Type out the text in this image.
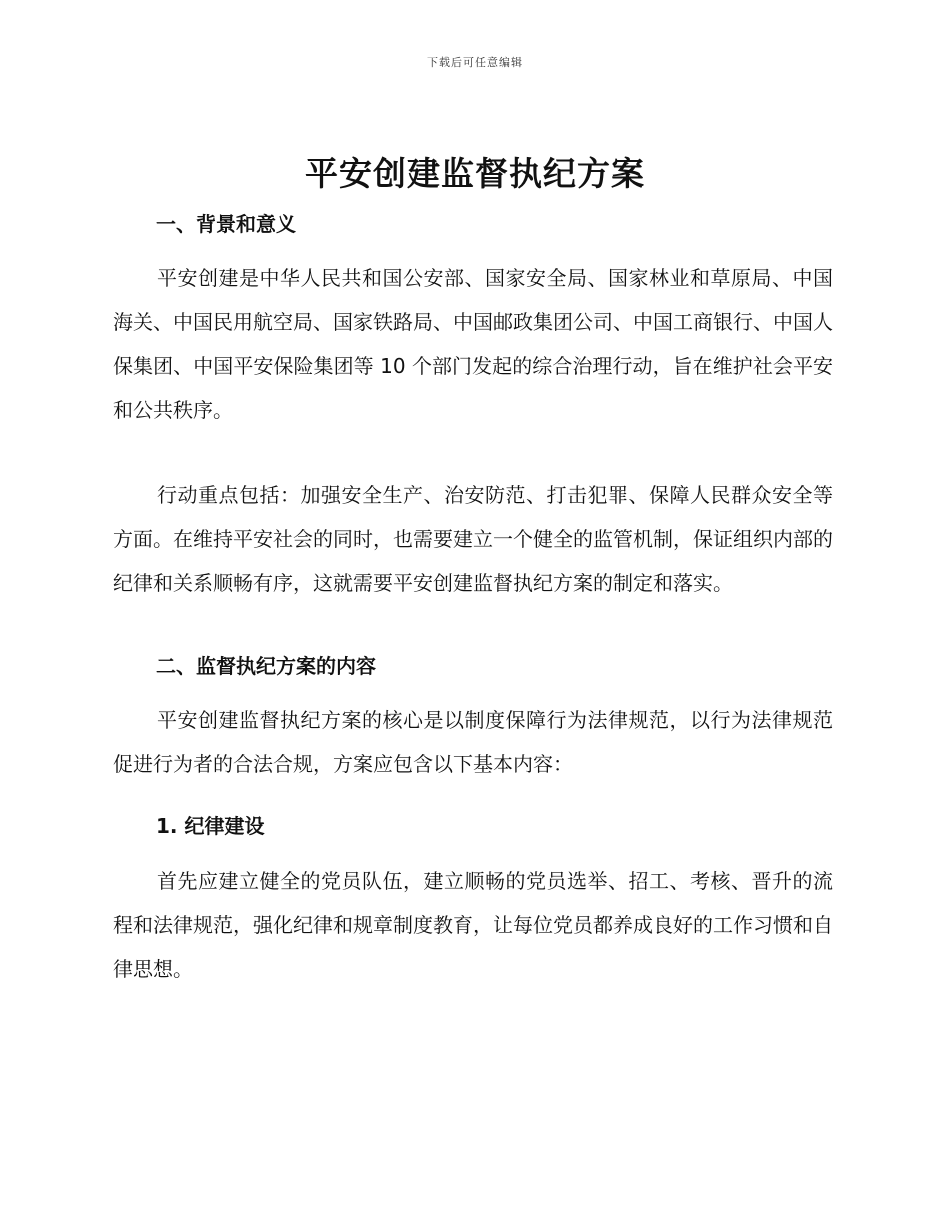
下载后可任意编辑
平安创建监督执纪方案
一、背景和意义

平安创建是中华人民共和国公安部、国家安全局、国家林业和草原局、中国海关、中国民用航空局、国家铁路局、中国邮政集团公司、中国工商银行、中国人保集团、中国平安保险集团等 10 个部门发起的综合治理行动，旨在维护社会平安和公共秩序。

行动重点包括：加强安全生产、治安防范、打击犯罪、保障人民群众安全等方面。在维持平安社会的同时，也需要建立一个健全的监管机制，保证组织内部的纪律和关系顺畅有序，这就需要平安创建监督执纪方案的制定和落实。

二、监督执纪方案的内容

平安创建监督执纪方案的核心是以制度保障行为法律规范，以行为法律规范促进行为者的合法合规，方案应包含以下基本内容：

1. 纪律建设

首先应建立健全的党员队伍，建立顺畅的党员选举、招工、考核、晋升的流程和法律规范，强化纪律和规章制度教育，让每位党员都养成良好的工作习惯和自律思想。
